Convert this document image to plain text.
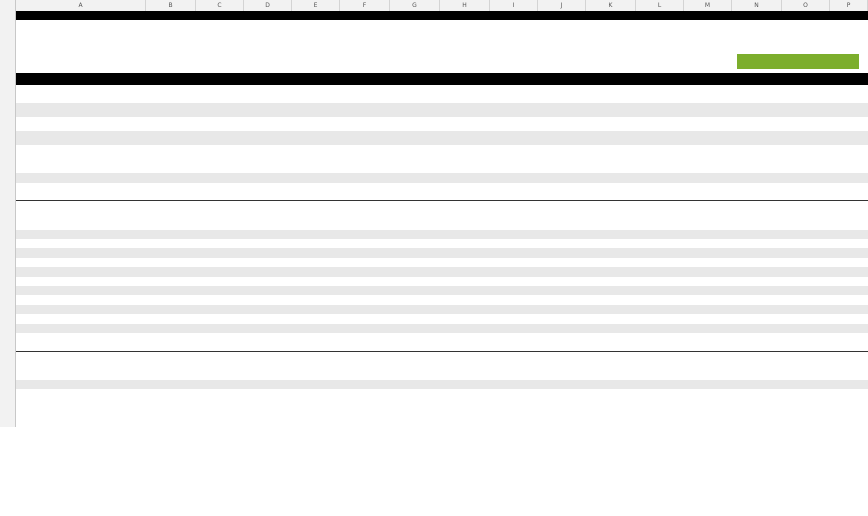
A	B	C	D	E	F	G	H	I	J	K	L	M	N	O	P
